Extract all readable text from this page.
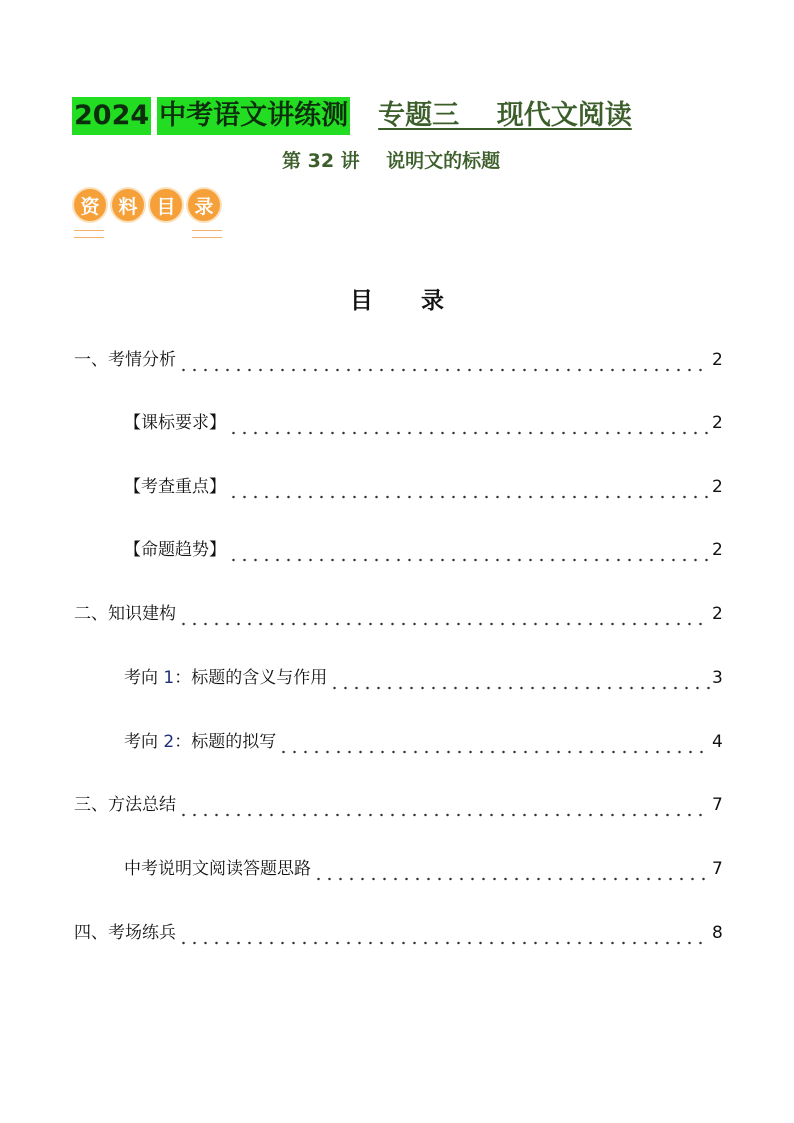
2024 中考语文讲练测 专题三    现代文阅读
第 32 讲    说明文的标题
资 料 目 录
目      录
一、考情分析	2
【课标要求】	2
【考查重点】	2
【命题趋势】	2
二、知识建构	2
考向 1：标题的含义与作用	3
考向 2：标题的拟写	4
三、方法总结	7
中考说明文阅读答题思路	7
四、考场练兵	8
